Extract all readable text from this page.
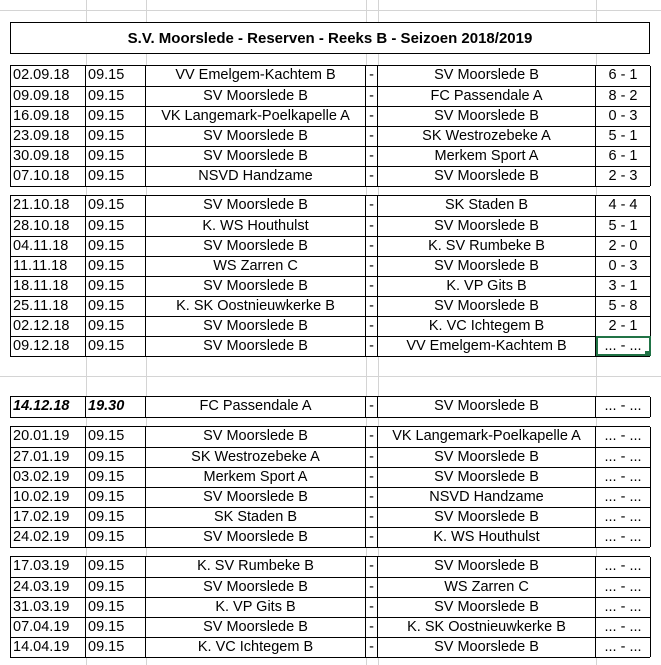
S.V. Moorslede - Reserven - Reeks B - Seizoen 2018/2019
02.09.18	09.15	VV Emelgem-Kachtem B	-	SV Moorslede B	6 - 1
09.09.18	09.15	SV Moorslede B	-	FC Passendale A	8 - 2
16.09.18	09.15	VK Langemark-Poelkapelle A	-	SV Moorslede B	0 - 3
23.09.18	09.15	SV Moorslede B	-	SK Westrozebeke A	5 - 1
30.09.18	09.15	SV Moorslede B	-	Merkem Sport A	6 - 1
07.10.18	09.15	NSVD Handzame	-	SV Moorslede B	2 - 3
21.10.18	09.15	SV Moorslede B	-	SK Staden B	4 - 4
28.10.18	09.15	K. WS Houthulst	-	SV Moorslede B	5 - 1
04.11.18	09.15	SV Moorslede B	-	K. SV Rumbeke B	2 - 0
11.11.18	09.15	WS Zarren C	-	SV Moorslede B	0 - 3
18.11.18	09.15	SV Moorslede B	-	K. VP Gits B	3 - 1
25.11.18	09.15	K. SK Oostnieuwkerke B	-	SV Moorslede B	5 - 8
02.12.18	09.15	SV Moorslede B	-	K. VC Ichtegem B	2 - 1
09.12.18	09.15	SV Moorslede B	-	VV Emelgem-Kachtem B	... - ...
14.12.18	19.30	FC Passendale A	-	SV Moorslede B	... - ...
20.01.19	09.15	SV Moorslede B	-	VK Langemark-Poelkapelle A	... - ...
27.01.19	09.15	SK Westrozebeke A	-	SV Moorslede B	... - ...
03.02.19	09.15	Merkem Sport A	-	SV Moorslede B	... - ...
10.02.19	09.15	SV Moorslede B	-	NSVD Handzame	... - ...
17.02.19	09.15	SK Staden B	-	SV Moorslede B	... - ...
24.02.19	09.15	SV Moorslede B	-	K. WS Houthulst	... - ...
17.03.19	09.15	K. SV Rumbeke B	-	SV Moorslede B	... - ...
24.03.19	09.15	SV Moorslede B	-	WS Zarren C	... - ...
31.03.19	09.15	K. VP Gits B	-	SV Moorslede B	... - ...
07.04.19	09.15	SV Moorslede B	-	K. SK Oostnieuwkerke B	... - ...
14.04.19	09.15	K. VC Ichtegem B	-	SV Moorslede B	... - ...
